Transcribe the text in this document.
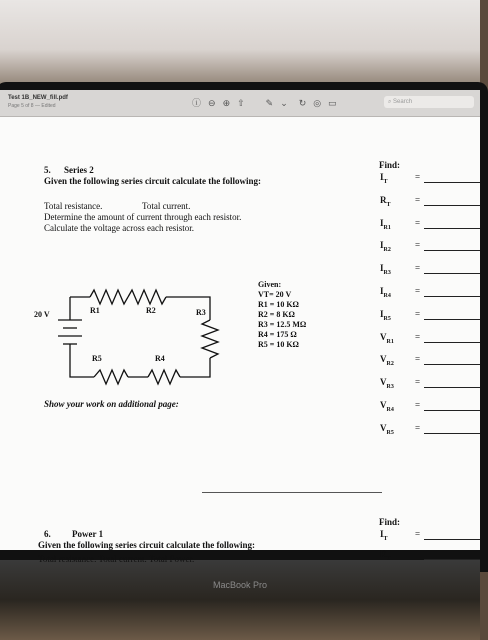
MacBook Pro
Test 1B_NEW_fill.pdf
Page 5 of 8 — Edited	ⓘ ⊖ ⊕ ⇧ ✎ ⌄ ↻ ◎ ▭	⌕ Search
5. Series 2
Given the following series circuit calculate the following:
Total resistance.	Total current.
Determine the amount of current through each resistor.
Calculate the voltage across each resistor.
20 V	R1	R2	R3
R5	R4
Given:
VT= 20 V
R1 = 10 KΩ
R2 = 8 KΩ
R3 = 12.5 MΩ
R4 = 175 Ω
R5 = 10 KΩ
Show your work on additional page:
Find:
$I_T$	=
$R_T$	=
$I_{R1}$	=
$I_{R2}$	=
$I_{R3}$	=
$I_{R4}$	=
$I_{R5}$	=
$V_{R1}$ =
$V_{R2}$ =
$V_{R3}$ =
$V_{R4}$ =
$V_{R5}$ =
Find:
$I_T$	=
$R_T$	=
6. Power 1
Given the following series circuit calculate the following:
Total resistance. Total current. Total Power.
